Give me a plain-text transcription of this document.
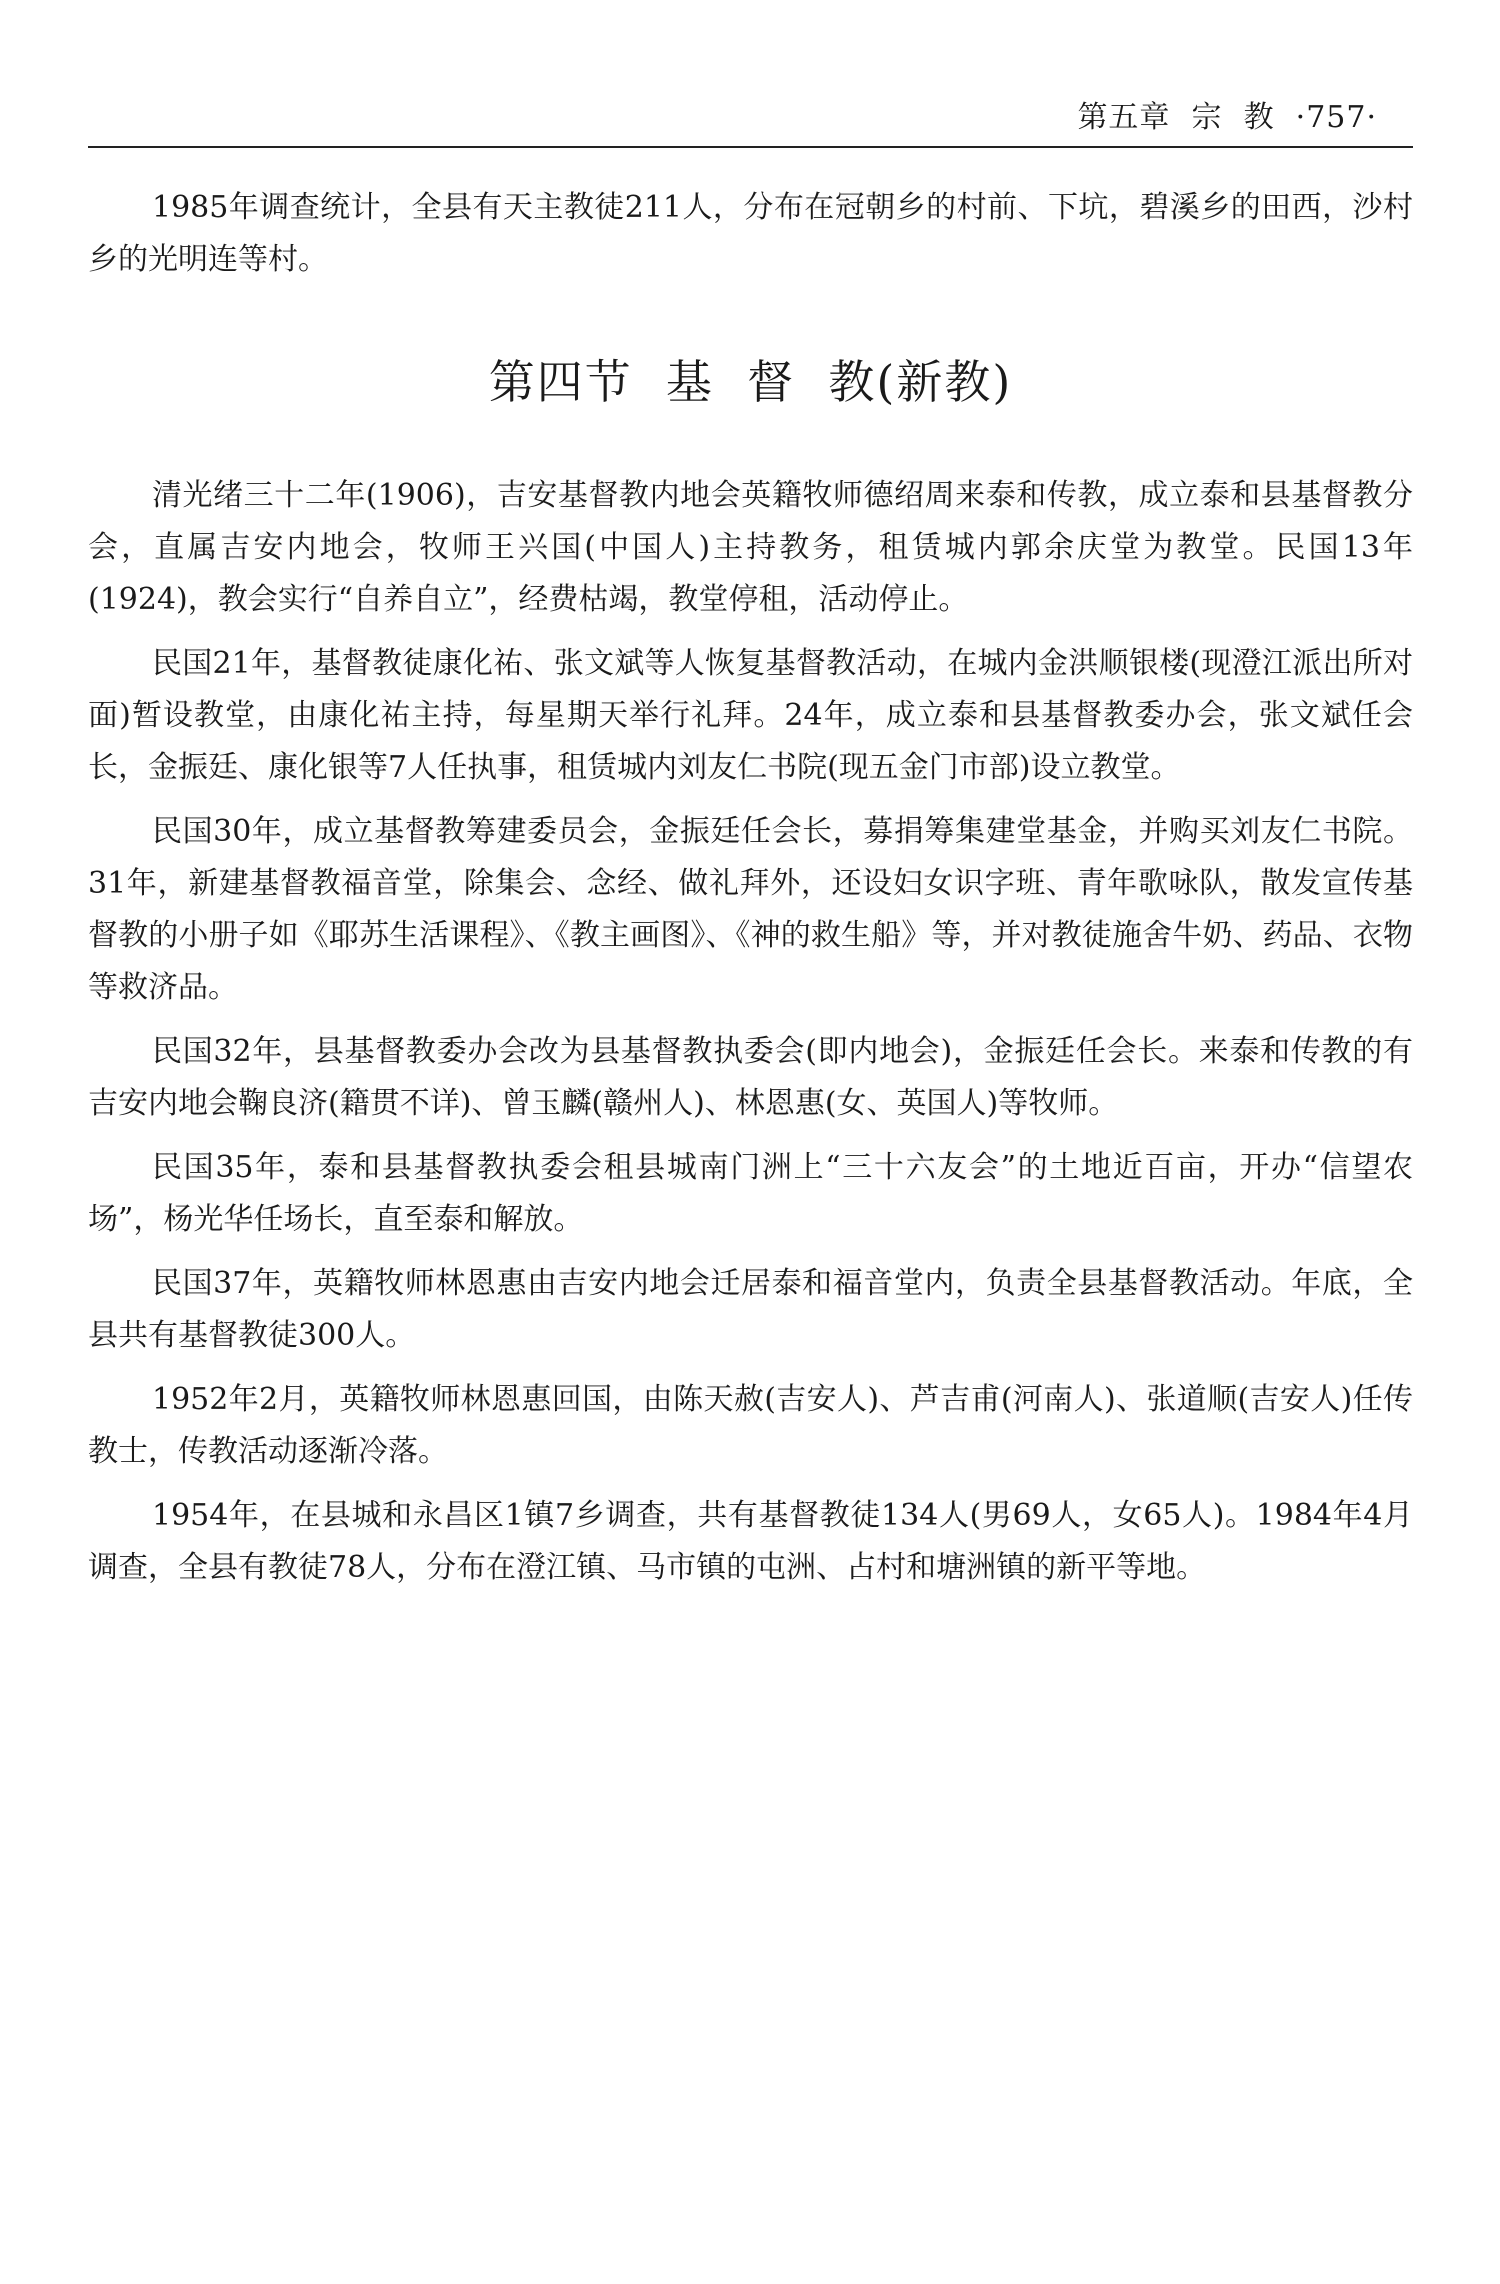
第五章  宗  教  ·757·

1985年调查统计，全县有天主教徒211人，分布在冠朝乡的村前、下坑，碧溪乡的田西，沙村乡的光明连等村。

第四节  基  督  教(新教)

清光绪三十二年(1906)，吉安基督教内地会英籍牧师德绍周来泰和传教，成立泰和县基督教分会，直属吉安内地会，牧师王兴国(中国人)主持教务，租赁城内郭余庆堂为教堂。民国13年(1924)，教会实行“自养自立”，经费枯竭，教堂停租，活动停止。

民国21年，基督教徒康化祐、张文斌等人恢复基督教活动，在城内金洪顺银楼(现澄江派出所对面)暂设教堂，由康化祐主持，每星期天举行礼拜。24年，成立泰和县基督教委办会，张文斌任会长，金振廷、康化银等7人任执事，租赁城内刘友仁书院(现五金门市部)设立教堂。

民国30年，成立基督教筹建委员会，金振廷任会长，募捐筹集建堂基金，并购买刘友仁书院。31年，新建基督教福音堂，除集会、念经、做礼拜外，还设妇女识字班、青年歌咏队，散发宣传基督教的小册子如《耶苏生活课程》、《教主画图》、《神的救生船》等，并对教徒施舍牛奶、药品、衣物等救济品。

民国32年，县基督教委办会改为县基督教执委会(即内地会)，金振廷任会长。来泰和传教的有吉安内地会鞠良济(籍贯不详)、曾玉麟(赣州人)、林恩惠(女、英国人)等牧师。

民国35年，泰和县基督教执委会租县城南门洲上“三十六友会”的土地近百亩，开办“信望农场”，杨光华任场长，直至泰和解放。

民国37年，英籍牧师林恩惠由吉安内地会迁居泰和福音堂内，负责全县基督教活动。年底，全县共有基督教徒300人。

1952年2月，英籍牧师林恩惠回国，由陈天赦(吉安人)、芦吉甫(河南人)、张道顺(吉安人)任传教士，传教活动逐渐冷落。

1954年，在县城和永昌区1镇7乡调查，共有基督教徒134人(男69人，女65人)。1984年4月调查，全县有教徒78人，分布在澄江镇、马市镇的屯洲、占村和塘洲镇的新平等地。
